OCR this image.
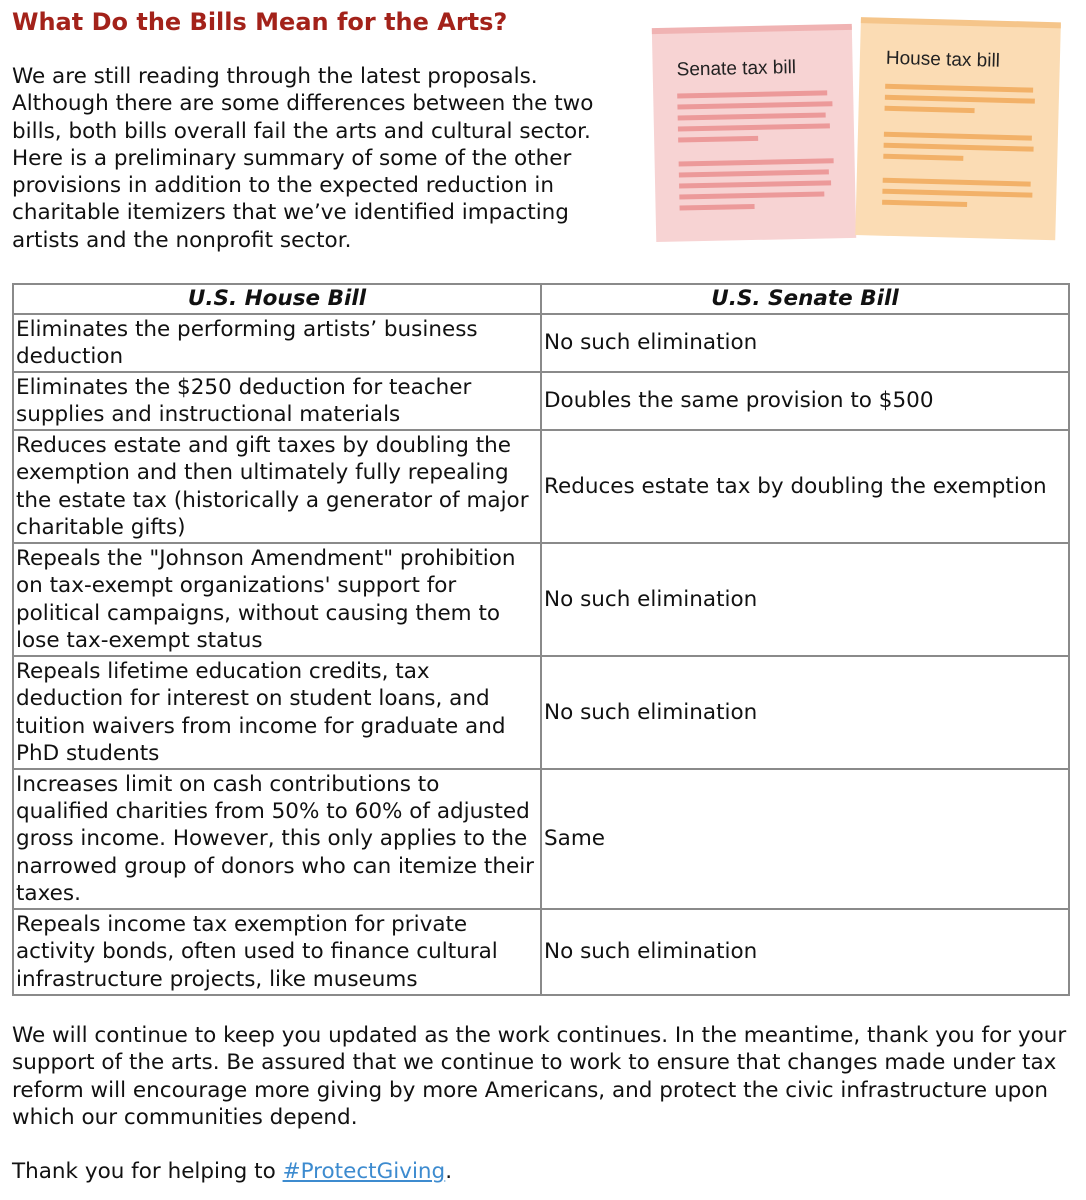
What Do the Bills Mean for the Arts?

We are still reading through the latest proposals.
Although there are some differences between the two
bills, both bills overall fail the arts and cultural sector.
Here is a preliminary summary of some of the other
provisions in addition to the expected reduction in
charitable itemizers that we’ve identified impacting
artists and the nonprofit sector.

Senate tax bill	House tax bill
U.S. House Bill	U.S. Senate Bill
Eliminates the performing artists’ business deduction	No such elimination
Eliminates the $250 deduction for teacher supplies and instructional materials	Doubles the same provision to $500
Reduces estate and gift taxes by doubling the exemption and then ultimately fully repealing the estate tax (historically a generator of major charitable gifts)	Reduces estate tax by doubling the exemption
Repeals the "Johnson Amendment" prohibition on tax-exempt organizations' support for political campaigns, without causing them to lose tax-exempt status	No such elimination
Repeals lifetime education credits, tax deduction for interest on student loans, and tuition waivers from income for graduate and PhD students	No such elimination
Increases limit on cash contributions to qualified charities from 50% to 60% of adjusted gross income. However, this only applies to the narrowed group of donors who can itemize their taxes.	Same
Repeals income tax exemption for private activity bonds, often used to finance cultural infrastructure projects, like museums	No such elimination

We will continue to keep you updated as the work continues. In the meantime, thank you for your support of the arts. Be assured that we continue to work to ensure that changes made under tax reform will encourage more giving by more Americans, and protect the civic infrastructure upon which our communities depend.

Thank you for helping to #ProtectGiving.
